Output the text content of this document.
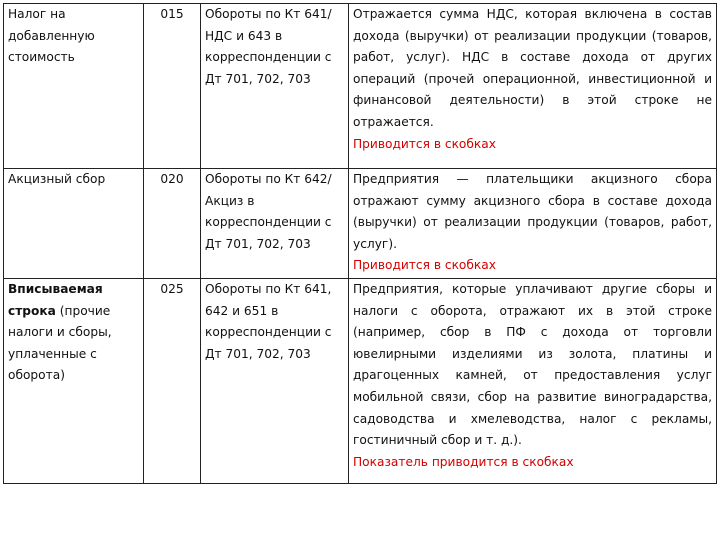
Налог на добавленную стоимость	015	Обороты по Кт 641/НДС и 643 в корреспонденции с Дт 701, 702, 703	Отражается сумма НДС, которая включена в состав дохода (выручки) от реализации продукции (товаров, работ, услуг). НДС в составе дохода от других операций (прочей операционной, инвестиционной и финансовой деятельности) в этой строке не отражается.
Приводится в скобках

Акцизный сбор	020	Обороты по Кт 642/Акциз в корреспонденции с Дт 701, 702, 703	Предприятия — плательщики акцизного сбора отражают сумму акцизного сбора в составе дохода (выручки) от реализации продукции (товаров, работ, услуг).
Приводится в скобках

Вписываемая строка (прочие налоги и сборы, уплаченные с оборота)	025	Обороты по Кт 641, 642 и 651 в корреспонденции с Дт 701, 702, 703	Предприятия, которые уплачивают другие сборы и налоги с оборота, отражают их в этой строке (например, сбор в ПФ с дохода от торговли ювелирными изделиями из золота, платины и драгоценных камней, от предоставления услуг мобильной связи, сбор на развитие виноградарства, садоводства и хмелеводства, налог с рекламы, гостиничный сбор и т. д.).
Показатель приводится в скобках
